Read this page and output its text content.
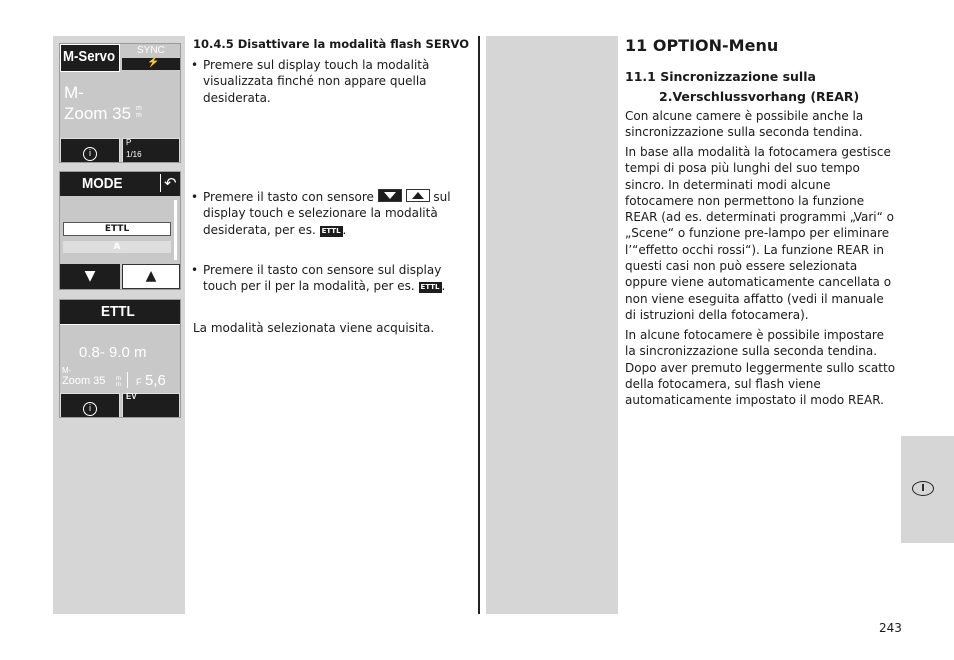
M-Servo SYNC
⚡
M-
Zoom 35 m m
i
P
1/16
MODE	↶
ETTL
A
▼	▲
ETTL
0.8- 9.0 m
M-
Zoom 35 m m F 5,6
i
EV
10.4.5 Disattivare la modalità flash SERVO
• Premere sul display touch la modalità visualizzata finché non appare quella desiderata.
• Premere il tasto con sensore
	sul display touch e selezionare la modalità desiderata, per es. ETTL .
• Premere il tasto con sensore sul display touch per il per la modalità, per es. ETTL .
La modalità selezionata viene acquisita.
11 OPTION-Menu
11.1 Sincronizzazione sulla
2.Verschlussvorhang (REAR)
Con alcune camere è possibile anche la sincronizzazione sulla seconda tendina.
In base alla modalità la fotocamera gestisce tempi di posa più lunghi del suo tempo sincro. In determinati modi alcune fotocamere non permettono la funzione REAR (ad es. determinati programmi „Vari“ o „Scene“ o funzione pre-lampo per eliminare l’“effetto occhi rossi“). La funzione REAR in questi casi non può essere selezionata oppure viene automaticamente cancellata o non viene eseguita affatto (vedi il manuale di istruzioni della fotocamera).
In alcune fotocamere è possibile impostare la sincronizzazione sulla seconda tendina. Dopo aver premuto leggermente sullo scatto della fotocamera, sul flash viene automaticamente impostato il modo REAR.
I
243
